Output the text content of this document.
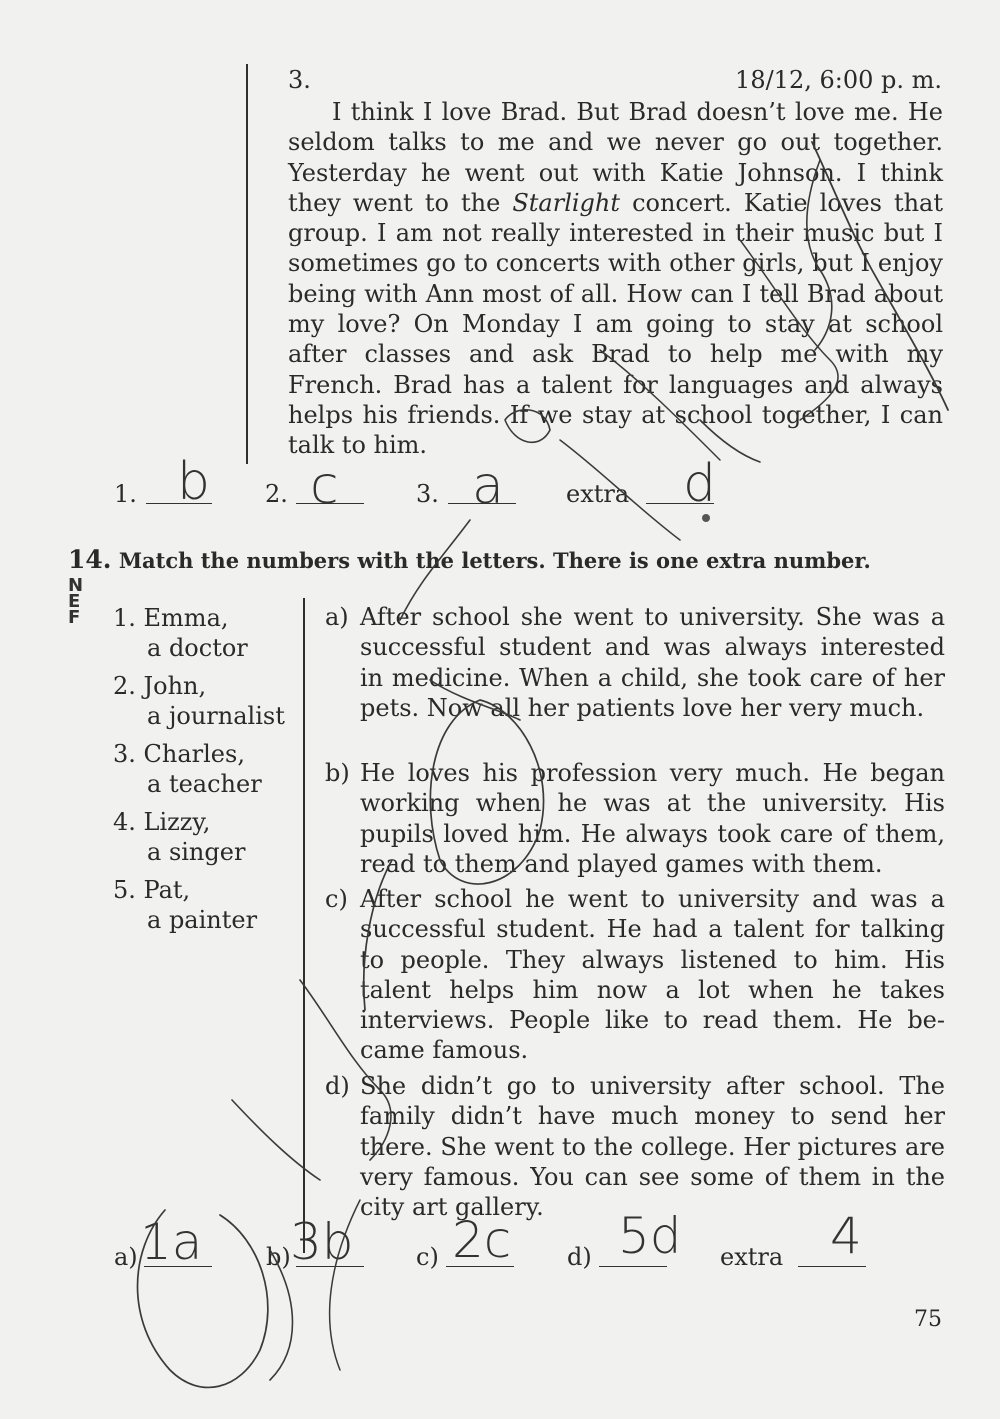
3.	18/12, 6:00 p. m.

I think I love Brad. But Brad doesn’t love me. He seldom talks to me and we never go out together. Yesterday he went out with Katie Johnson. I think they went to the Starlight concert. Katie loves that group. I am not really interested in their music but I sometimes go to concerts with other girls, but I enjoy being with Ann most of all. How can I tell Brad about my love? On Monday I am going to stay at school after classes and ask Brad to help me with my French. Brad has a talent for languages and always helps his friends. If we stay at school together, I can talk to him.

1. b 2. c	3. a	extra d
14. Match the numbers with the letters. There is one extra number.
N E F	1. Emma,
a doctor
2. John,
a journalist
3. Charles,
a teacher
4. Lizzy,
a singer
5. Pat,
a painter
a) After school she went to university. She was a successful student and was always interested in medicine. When a child, she took care of her pets. Now all her patients love her very much.
b) He loves his profession very much. He began working when he was at the university. His pupils loved him. He always took care of them, read to them and played games with them.
c) After school he went to university and was a successful student. He had a talent for talking to people. They always listened to him. His talent helps him now a lot when he takes interviews. People like to read them. He became famous.
d) She didn’t go to university after school. The family didn’t have much money to send her there. She went to the college. Her pictures are very famous. You can see some of them in the city art gallery.
a) 1a	b) 3b	c) 2c d) 5d extra 4
75
